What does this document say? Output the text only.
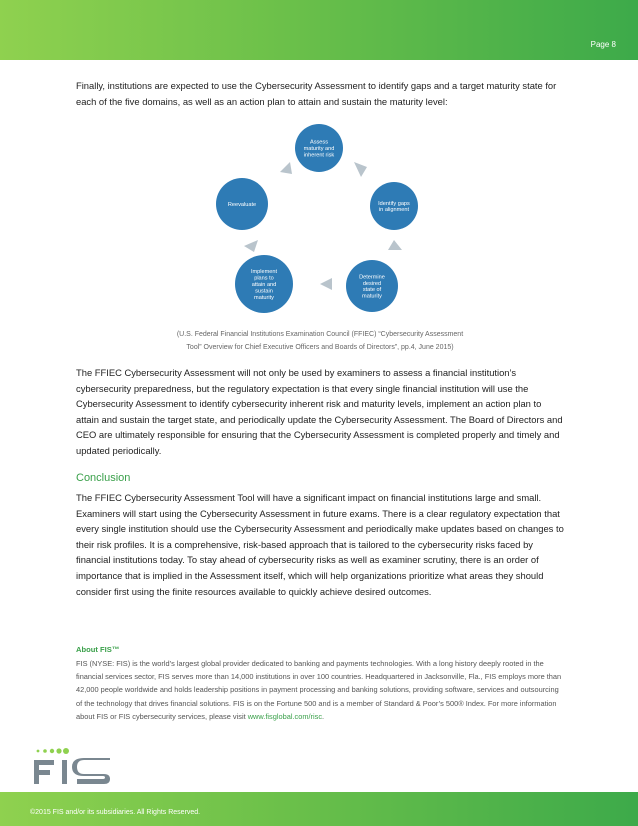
Page 8

Finally, institutions are expected to use the Cybersecurity Assessment to identify gaps and a target maturity state for each of the five domains, as well as an action plan to attain and sustain the maturity level:

Assess
maturity and
inherent risk
Identify gaps
in alignment
Determine
desired
state of
maturity
Implement
plans to
attain and
sustain
maturity
Reevaluate
(U.S. Federal Financial Institutions Examination Council (FFIEC) “Cybersecurity Assessment
Tool” Overview for Chief Executive Officers and Boards of Directors”, pp.4, June 2015)

The FFIEC Cybersecurity Assessment will not only be used by examiners to assess a financial institution’s cybersecurity preparedness, but the regulatory expectation is that every single financial institution will use the Cybersecurity Assessment to identify cybersecurity inherent risk and maturity levels, implement an action plan to attain and sustain the target state, and periodically update the Cybersecurity Assessment. The Board of Directors and CEO are ultimately responsible for ensuring that the Cybersecurity Assessment is completed properly and timely and updated periodically.

Conclusion

The FFIEC Cybersecurity Assessment Tool will have a significant impact on financial institutions large and small. Examiners will start using the Cybersecurity Assessment in future exams. There is a clear regulatory expectation that every single institution should use the Cybersecurity Assessment and periodically make updates based on changes to their risk profiles. It is a comprehensive, risk-based approach that is tailored to the cybersecurity risks faced by financial institutions today. To stay ahead of cybersecurity risks as well as examiner scrutiny, there is an order of importance that is implied in the Assessment itself, which will help organizations prioritize what areas they should consider first using the finite resources available to quickly achieve desired outcomes.

About FIS™

FIS (NYSE: FIS) is the world’s largest global provider dedicated to banking and payments technologies. With a long history deeply rooted in the financial services sector, FIS serves more than 14,000 institutions in over 100 countries. Headquartered in Jacksonville, Fla., FIS employs more than 42,000 people worldwide and holds leadership positions in payment processing and banking solutions, providing software, services and outsourcing of the technology that drives financial solutions. FIS is on the Fortune 500 and is a member of Standard & Poor’s 500® Index. For more information about FIS or FIS cybersecurity services, please visit www.fisglobal.com/risc.

©2015 FIS and/or its subsidiaries. All Rights Reserved.
